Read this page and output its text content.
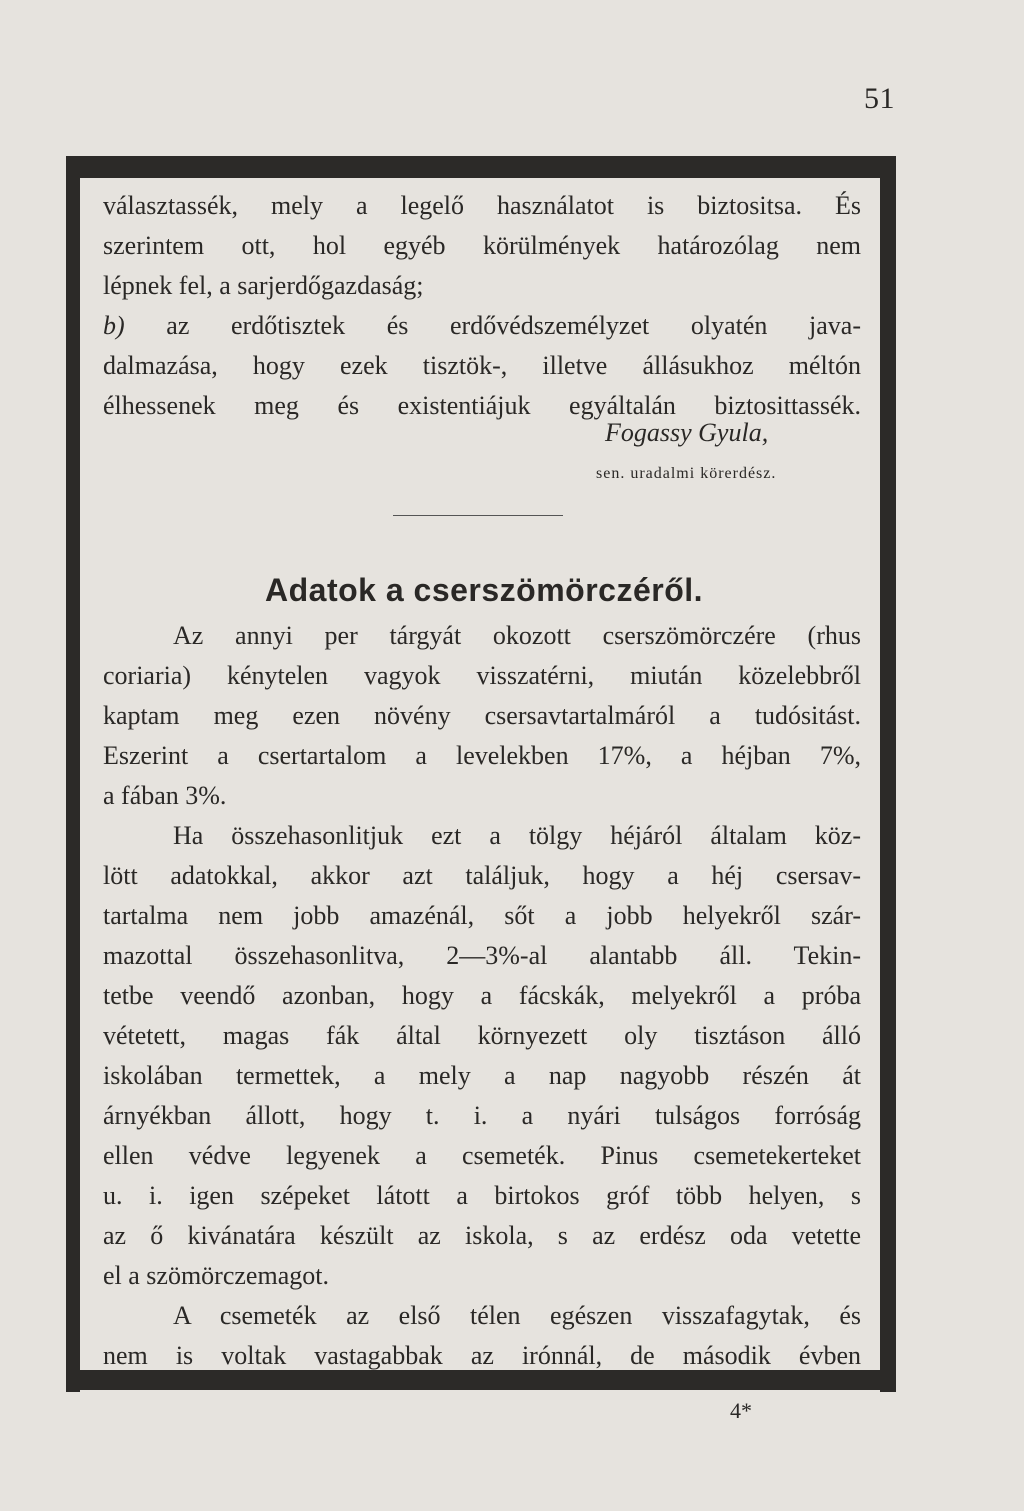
51
választassék, mely a legelő használatot is biztositsa. És
szerintem ott, hol egyéb körülmények határozólag nem
lépnek fel, a sarjerdőgazdaság;
b) az erdőtisztek és erdővédszemélyzet olyatén java-
dalmazása, hogy ezek tisztök-, illetve állásukhoz méltón
élhessenek meg és existentiájuk egyáltalán biztosittassék.
Fogassy Gyula,
sen. uradalmi körerdész.
Adatok a cserszömörczéről.
Az annyi per tárgyát okozott cserszömörczére (rhus
coriaria) kénytelen vagyok visszatérni, miután közelebbről
kaptam meg ezen növény csersavtartalmáról a tudósitást.
Eszerint a csertartalom a levelekben 17%, a héjban 7%,
a fában 3%.
Ha összehasonlitjuk ezt a tölgy héjáról általam köz-
lött adatokkal, akkor azt találjuk, hogy a héj csersav-
tartalma nem jobb amazénál, sőt a jobb helyekről szár-
mazottal összehasonlitva, 2—3%-al alantabb áll. Tekin-
tetbe veendő azonban, hogy a fácskák, melyekről a próba
vétetett, magas fák által környezett oly tisztáson álló
iskolában termettek, a mely a nap nagyobb részén át
árnyékban állott, hogy t. i. a nyári tulságos forróság
ellen védve legyenek a csemeték. Pinus csemetekerteket
u. i. igen szépeket látott a birtokos gróf több helyen, s
az ő kivánatára készült az iskola, s az erdész oda vetette
el a szömörczemagot.
A csemeték az első télen egészen visszafagytak, és
nem is voltak vastagabbak az irónnál, de második évben
4*
